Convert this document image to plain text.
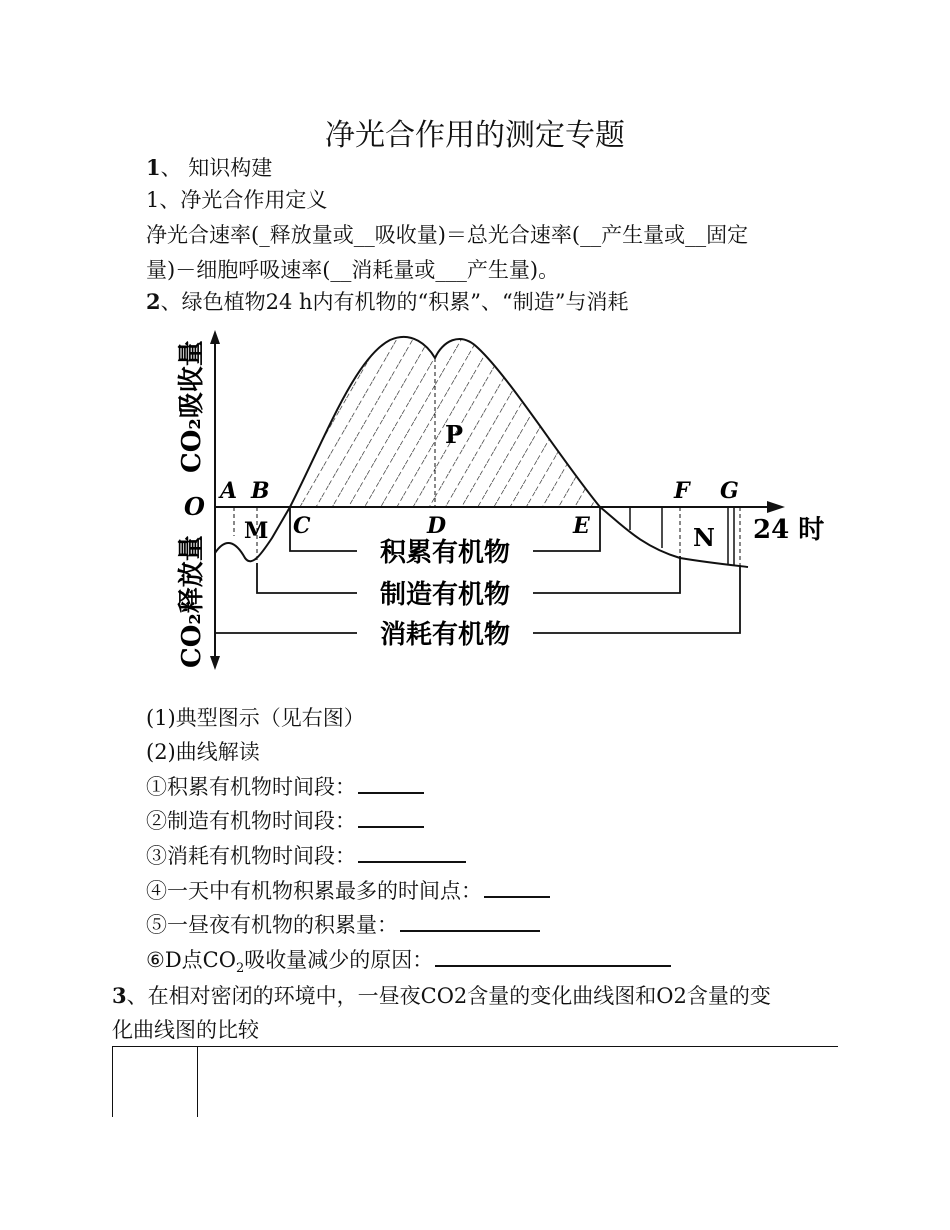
净光合作用的测定专题
1、 知识构建
1、净光合作用定义
净光合速率(_释放量或__吸收量)＝总光合速率(__产生量或__固定
量)－细胞呼吸速率(__消耗量或___产生量)。
2、绿色植物24 h内有机物的“积累”、“制造”与消耗
积累有机物
制造有机物
消耗有机物
O
A B
M C	D	E
F G
N
P
24 时
CO₂吸收量
CO₂释放量
(1)典型图示（见右图）
(2)曲线解读
①积累有机物时间段：
②制造有机物时间段：
③消耗有机物时间段：
④一天中有机物积累最多的时间点：
⑤一昼夜有机物的积累量：
⑥D点$CO_2$吸收量减少的原因：
3、在相对密闭的环境中，一昼夜CO2含量的变化曲线图和O2含量的变
化曲线图的比较
